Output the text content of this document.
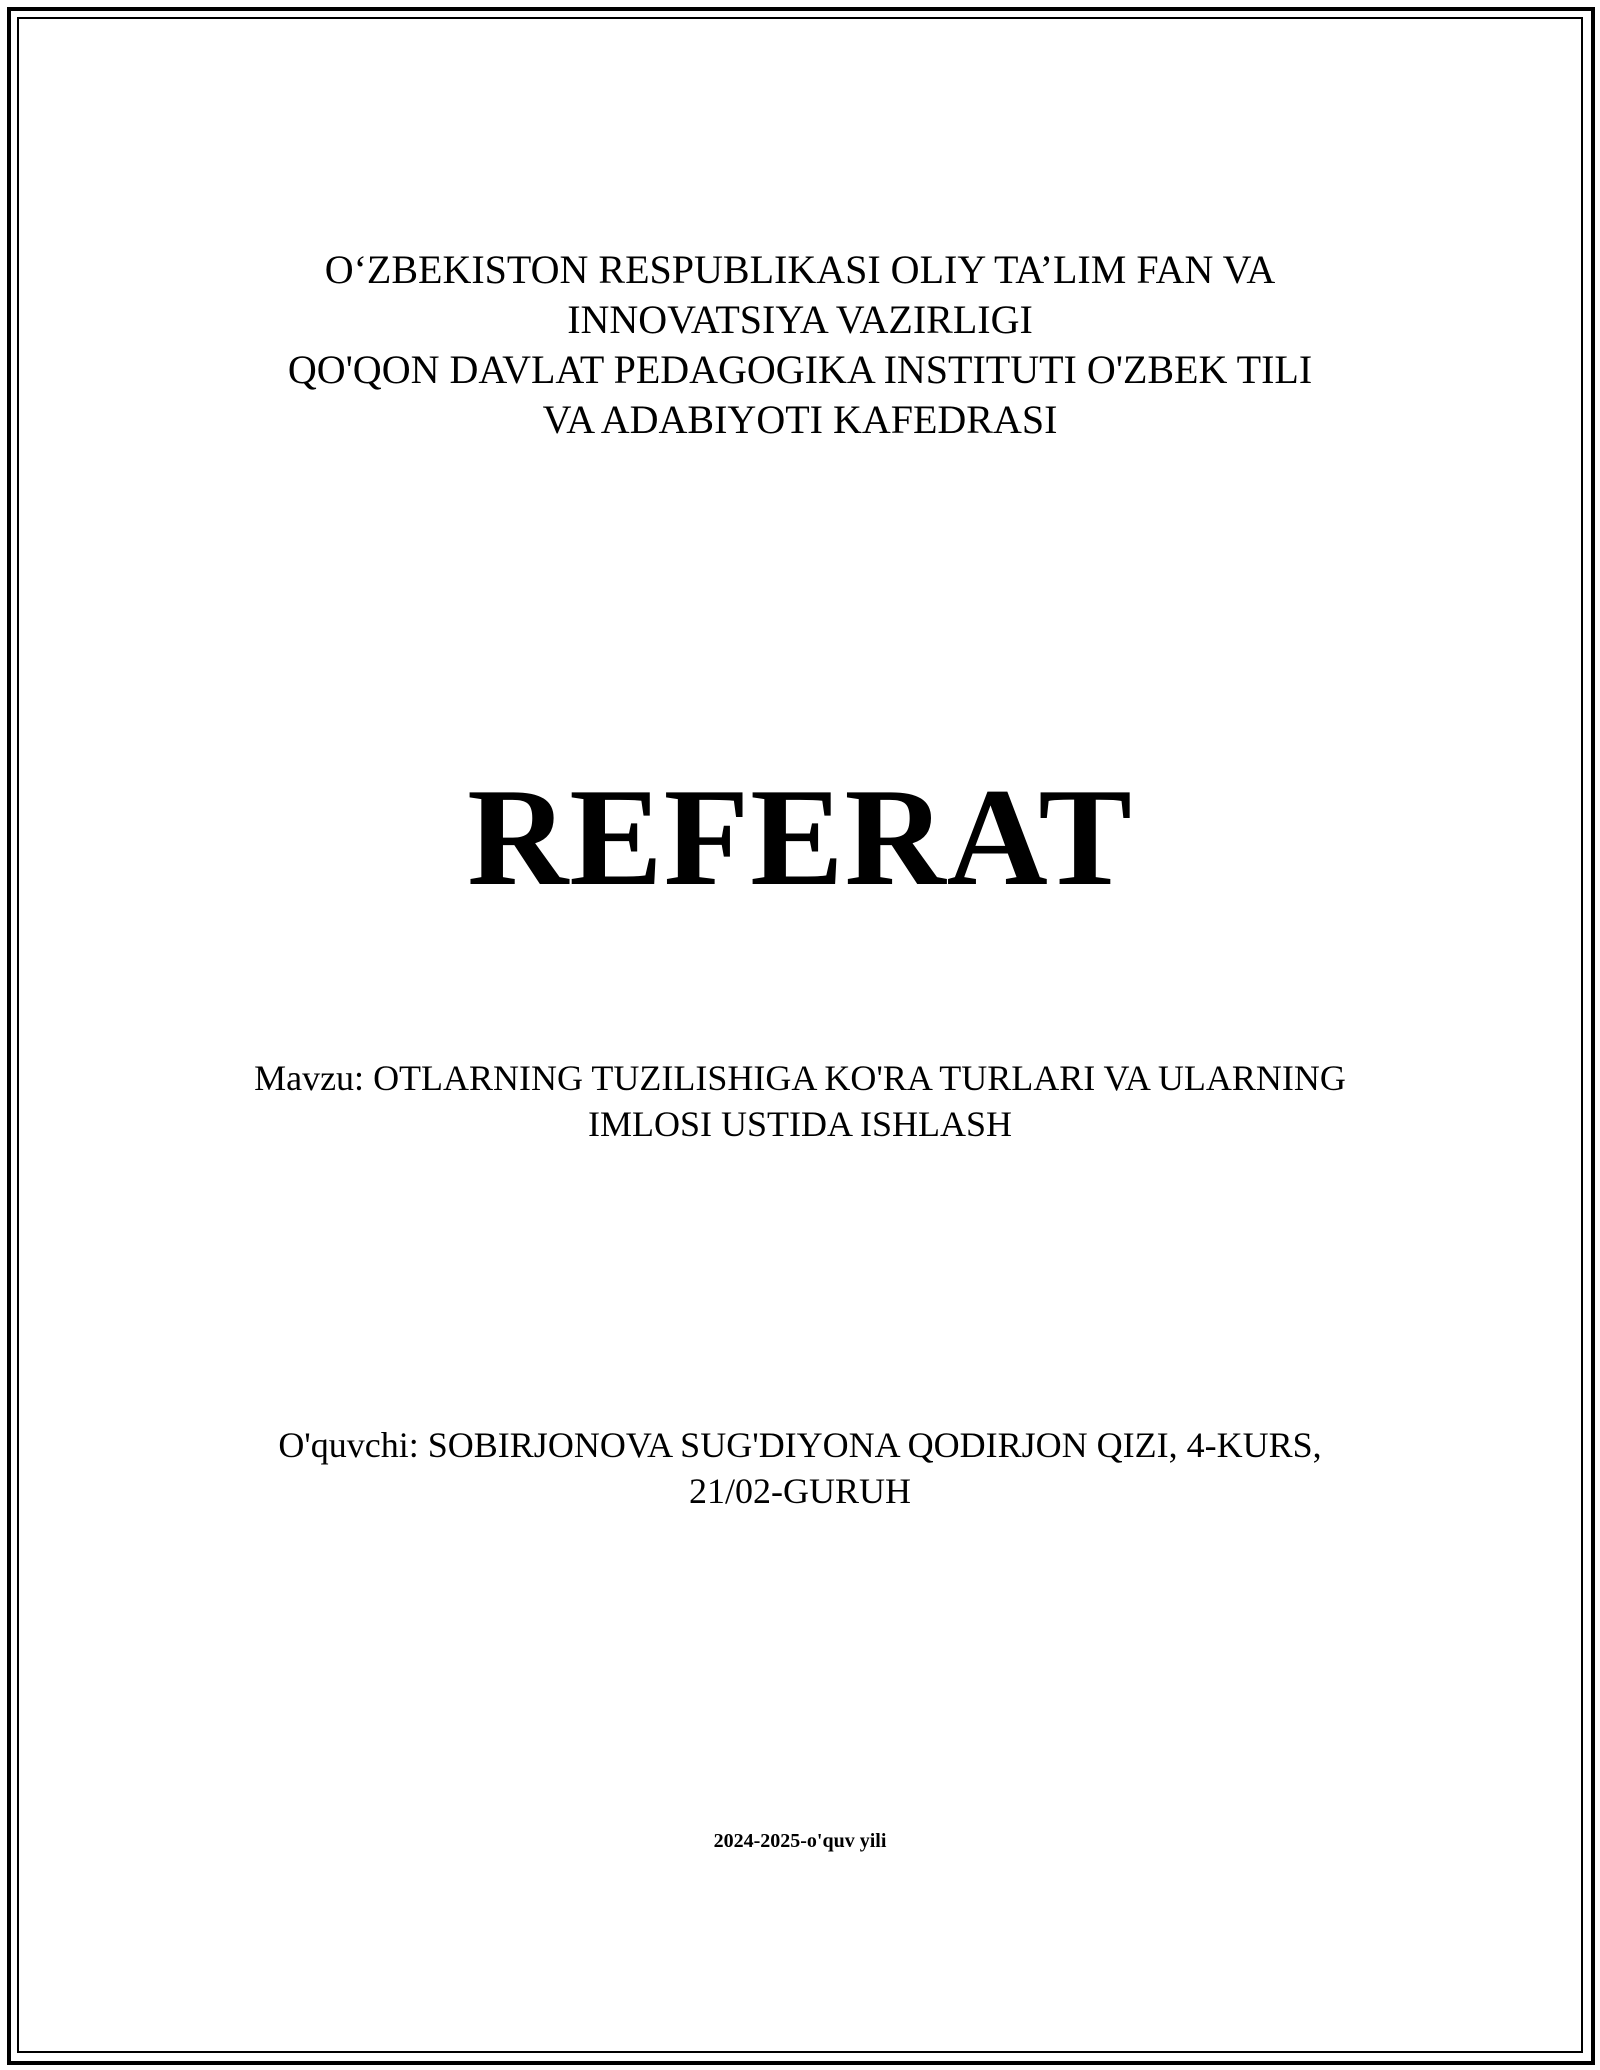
O‘ZBEKISTON RESPUBLIKASI OLIY TA’LIM FAN VA
INNOVATSIYA VAZIRLIGI
QO'QON DAVLAT PEDAGOGIKA INSTITUTI O'ZBEK TILI
VA ADABIYOTI KAFEDRASI
REFERAT
Mavzu: OTLARNING TUZILISHIGA KO'RA TURLARI VA ULARNING
IMLOSI USTIDA ISHLASH
O'quvchi: SOBIRJONOVA SUG'DIYONA QODIRJON QIZI, 4-KURS,
21/02-GURUH
2024-2025-o'quv yili
